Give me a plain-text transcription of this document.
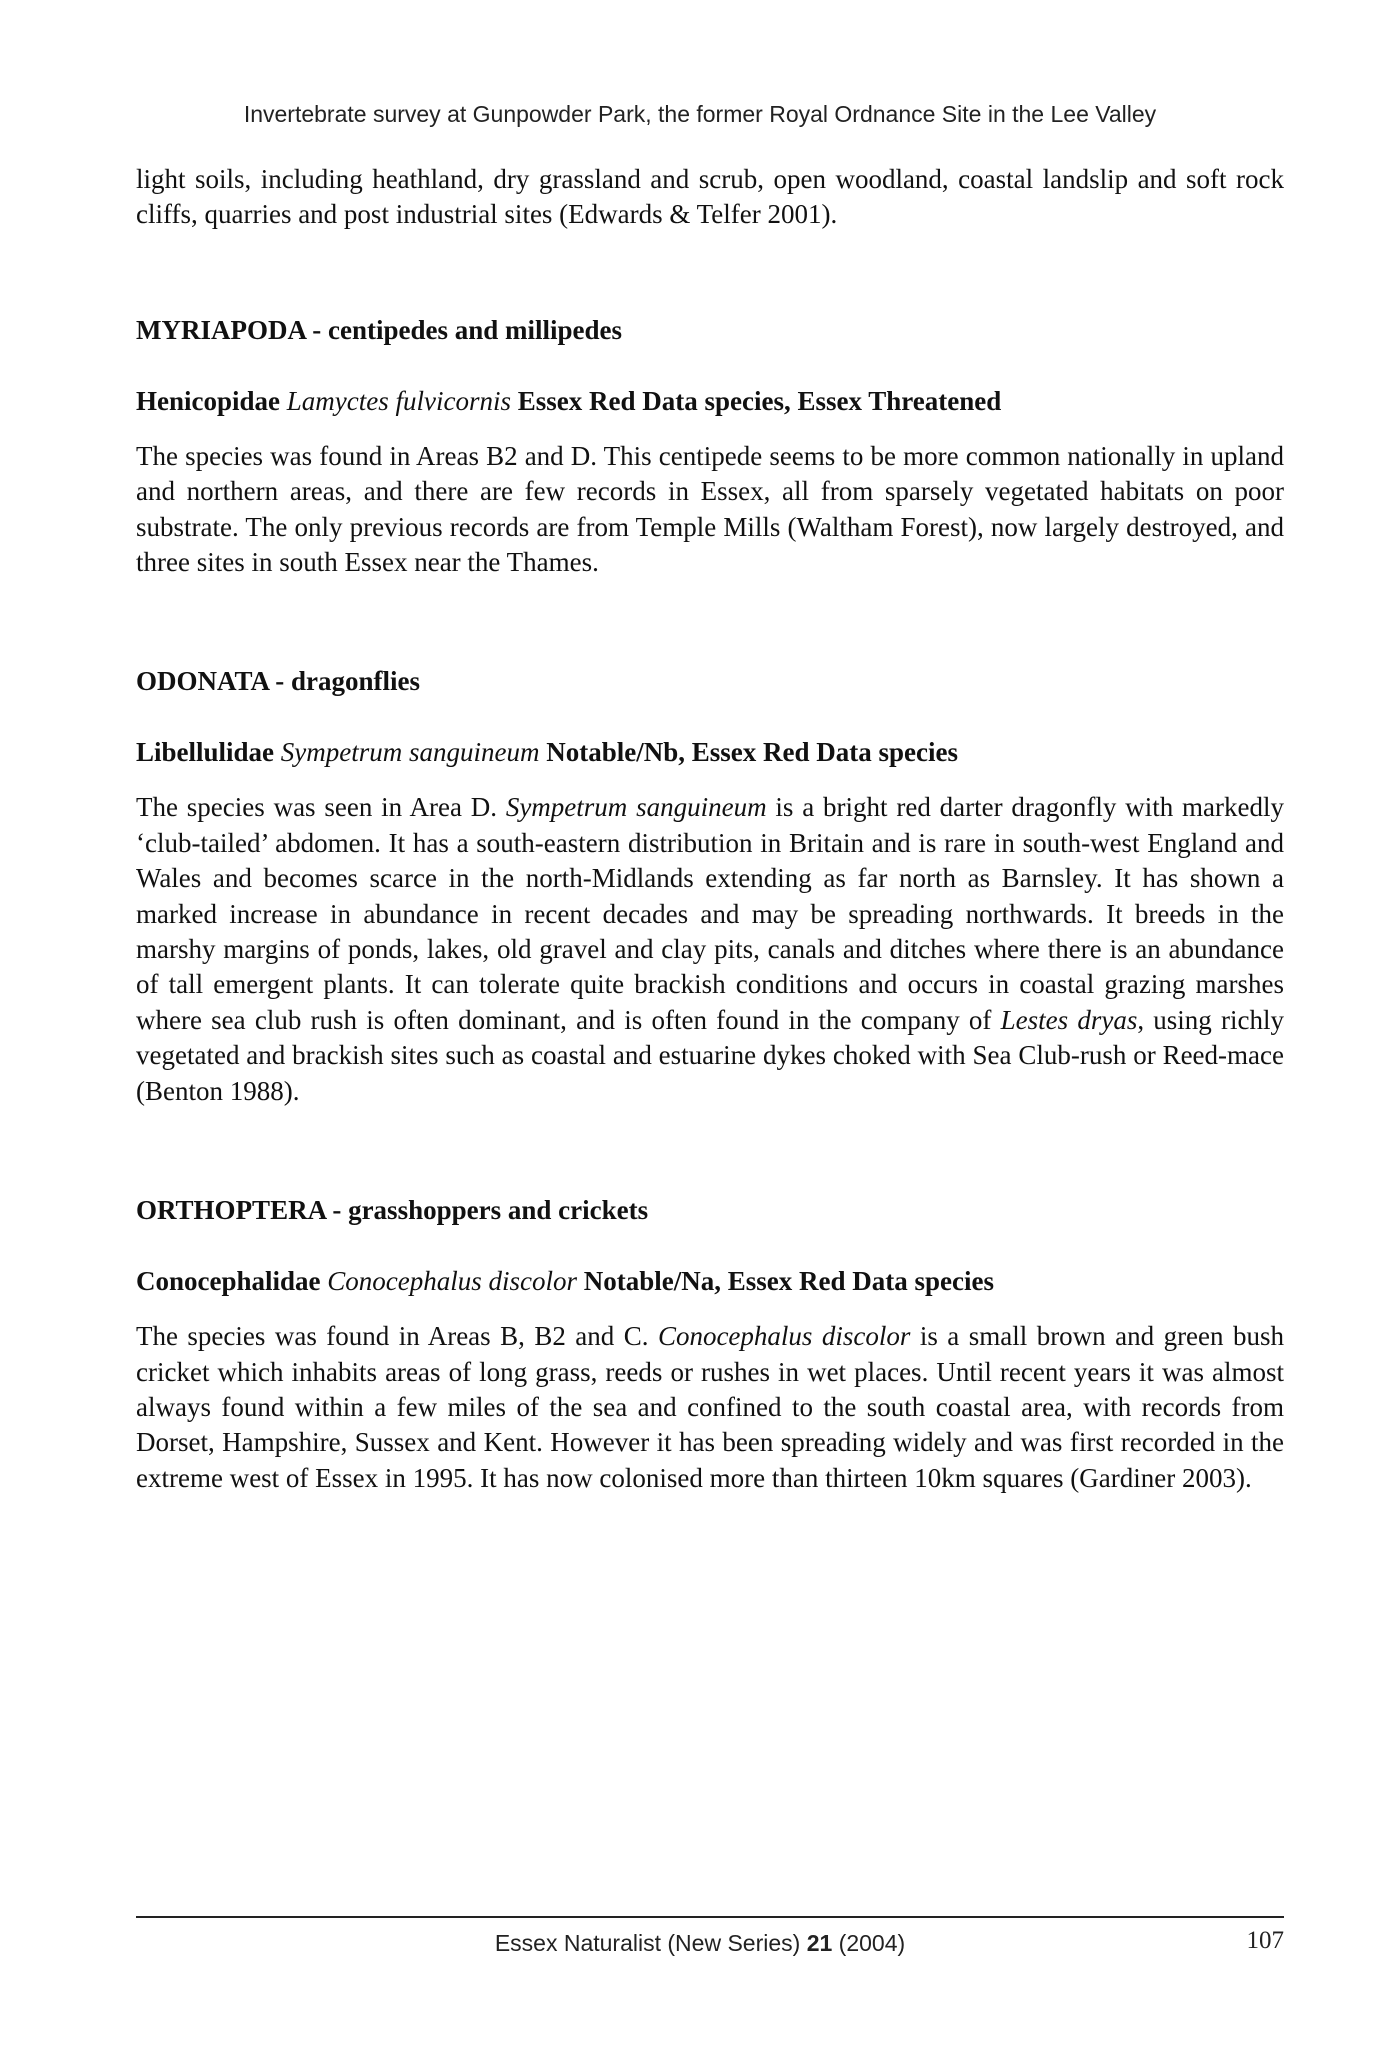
Invertebrate survey at Gunpowder Park, the former Royal Ordnance Site in the Lee Valley

light soils, including heathland, dry grassland and scrub, open woodland, coastal landslip and soft rock cliffs, quarries and post industrial sites (Edwards & Telfer 2001).

MYRIAPODA - centipedes and millipedes
Henicopidae Lamyctes fulvicornis Essex Red Data species, Essex Threatened

The species was found in Areas B2 and D. This centipede seems to be more common nationally in upland and northern areas, and there are few records in Essex, all from sparsely vegetated habitats on poor substrate. The only previous records are from Temple Mills (Waltham Forest), now largely destroyed, and three sites in south Essex near the Thames.

ODONATA - dragonflies
Libellulidae Sympetrum sanguineum Notable/Nb, Essex Red Data species

The species was seen in Area D. Sympetrum sanguineum is a bright red darter dragonfly with markedly ‘club-tailed’ abdomen. It has a south-eastern distribution in Britain and is rare in south-west England and Wales and becomes scarce in the north-Midlands extending as far north as Barnsley. It has shown a marked increase in abundance in recent decades and may be spreading northwards. It breeds in the marshy margins of ponds, lakes, old gravel and clay pits, canals and ditches where there is an abundance of tall emergent plants. It can tolerate quite brackish conditions and occurs in coastal grazing marshes where sea club rush is often dominant, and is often found in the company of Lestes dryas, using richly vegetated and brackish sites such as coastal and estuarine dykes choked with Sea Club-rush or Reed-mace (Benton 1988).

ORTHOPTERA - grasshoppers and crickets
Conocephalidae Conocephalus discolor Notable/Na, Essex Red Data species

The species was found in Areas B, B2 and C. Conocephalus discolor is a small brown and green bush cricket which inhabits areas of long grass, reeds or rushes in wet places. Until recent years it was almost always found within a few miles of the sea and confined to the south coastal area, with records from Dorset, Hampshire, Sussex and Kent. However it has been spreading widely and was first recorded in the extreme west of Essex in 1995. It has now colonised more than thirteen 10km squares (Gardiner 2003).

Essex Naturalist (New Series) 21 (2004)	107
